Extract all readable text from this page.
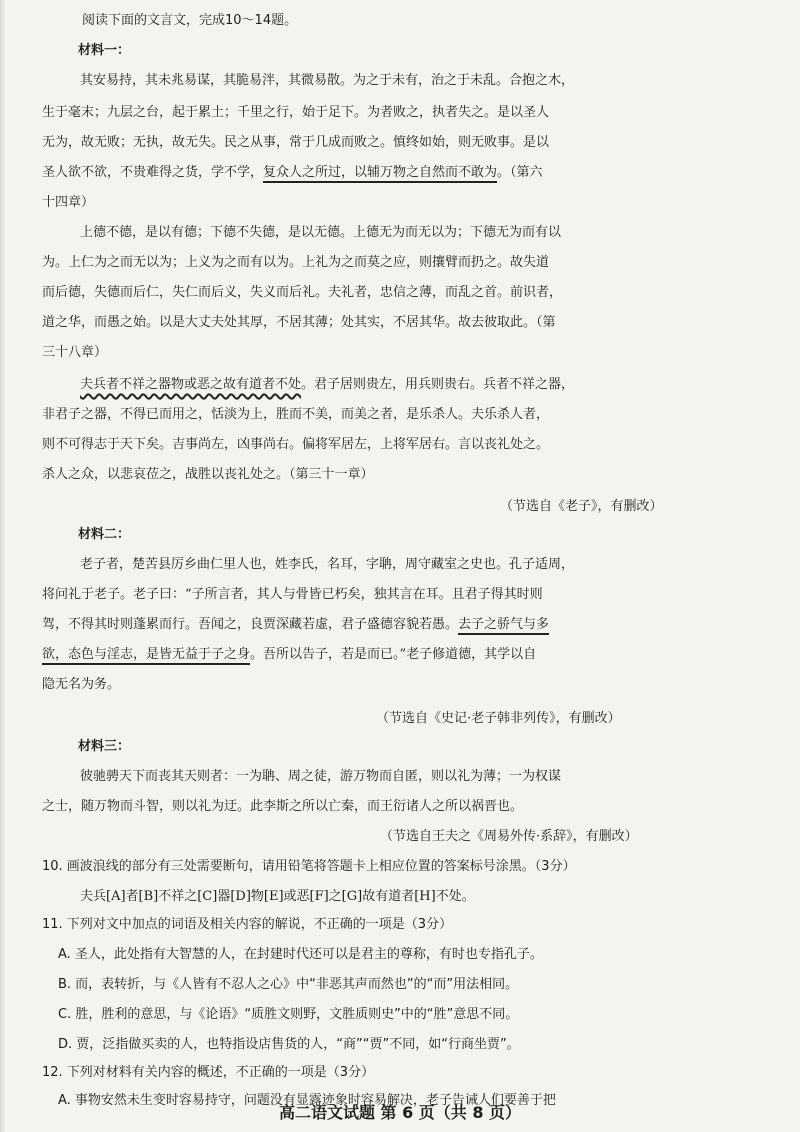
阅读下面的文言文，完成10～14题。
材料一：
其安易持，其未兆易谋，其脆易泮，其微易散。为之于未有，治之于未乱。合抱之木，
生于毫末；九层之台，起于累土；千里之行，始于足下。为者败之，执者失之。是以圣人
无为，故无败；无执，故无失。民之从事，常于几成而败之。慎终如始，则无败事。是以
圣人欲不欲，不贵难得之货，学不学，复众人之所过，以辅万物之自然而不敢为。（第六
十四章）
上德不德，是以有德；下德不失德，是以无德。上德无为而无以为；下德无为而有以
为。上仁为之而无以为；上义为之而有以为。上礼为之而莫之应，则攘臂而扔之。故失道
而后德，失德而后仁，失仁而后义，失义而后礼。夫礼者，忠信之薄，而乱之首。前识者，
道之华，而愚之始。以是大丈夫处其厚，不居其薄；处其实，不居其华。故去彼取此。（第
三十八章）
夫兵者不祥之器物或恶之故有道者不处。君子居则贵左，用兵则贵右。兵者不祥之器，
非君子之器，不得已而用之，恬淡为上，胜而不美，而美之者，是乐杀人。夫乐杀人者，
则不可得志于天下矣。吉事尚左，凶事尚右。偏将军居左，上将军居右。言以丧礼处之。
杀人之众，以悲哀莅之，战胜以丧礼处之。（第三十一章）
（节选自《老子》，有删改）
材料二：
老子者，楚苦县厉乡曲仁里人也，姓李氏，名耳，字聃，周守藏室之史也。孔子适周，
将问礼于老子。老子曰：“子所言者，其人与骨皆已朽矣，独其言在耳。且君子得其时则
驾，不得其时则蓬累而行。吾闻之，良贾深藏若虚，君子盛德容貌若愚。去子之骄气与多
欲，态色与淫志，是皆无益于子之身。吾所以告子，若是而已。”老子修道德，其学以自
隐无名为务。
（节选自《史记·老子韩非列传》，有删改）
材料三：
彼驰骋天下而丧其天则者：一为聃、周之徒，游万物而自匿，则以礼为薄；一为权谋
之士，随万物而斗智，则以礼为迂。此李斯之所以亡秦，而王衍诸人之所以祸晋也。
（节选自王夫之《周易外传·系辞》，有删改）
10. 画波浪线的部分有三处需要断句，请用铅笔将答题卡上相应位置的答案标号涂黑。（3分）
夫兵[A]者[B]不祥之[C]器[D]物[E]或恶[F]之[G]故有道者[H]不处。
11. 下列对文中加点的词语及相关内容的解说，不正确的一项是（3分）
A. 圣人，此处指有大智慧的人，在封建时代还可以是君主的尊称，有时也专指孔子。
B. 而，表转折，与《人皆有不忍人之心》中“非恶其声而然也”的“而”用法相同。
C. 胜，胜利的意思，与《论语》“质胜文则野，文胜质则史”中的“胜”意思不同。
D. 贾，泛指做买卖的人，也特指设店售货的人，“商”“贾”不同，如“行商坐贾”。
12. 下列对材料有关内容的概述，不正确的一项是（3分）
A. 事物安然未生变时容易持守，问题没有显露迹象时容易解决，老子告诫人们要善于把
高二语文试题 第 6 页（共 8 页）
